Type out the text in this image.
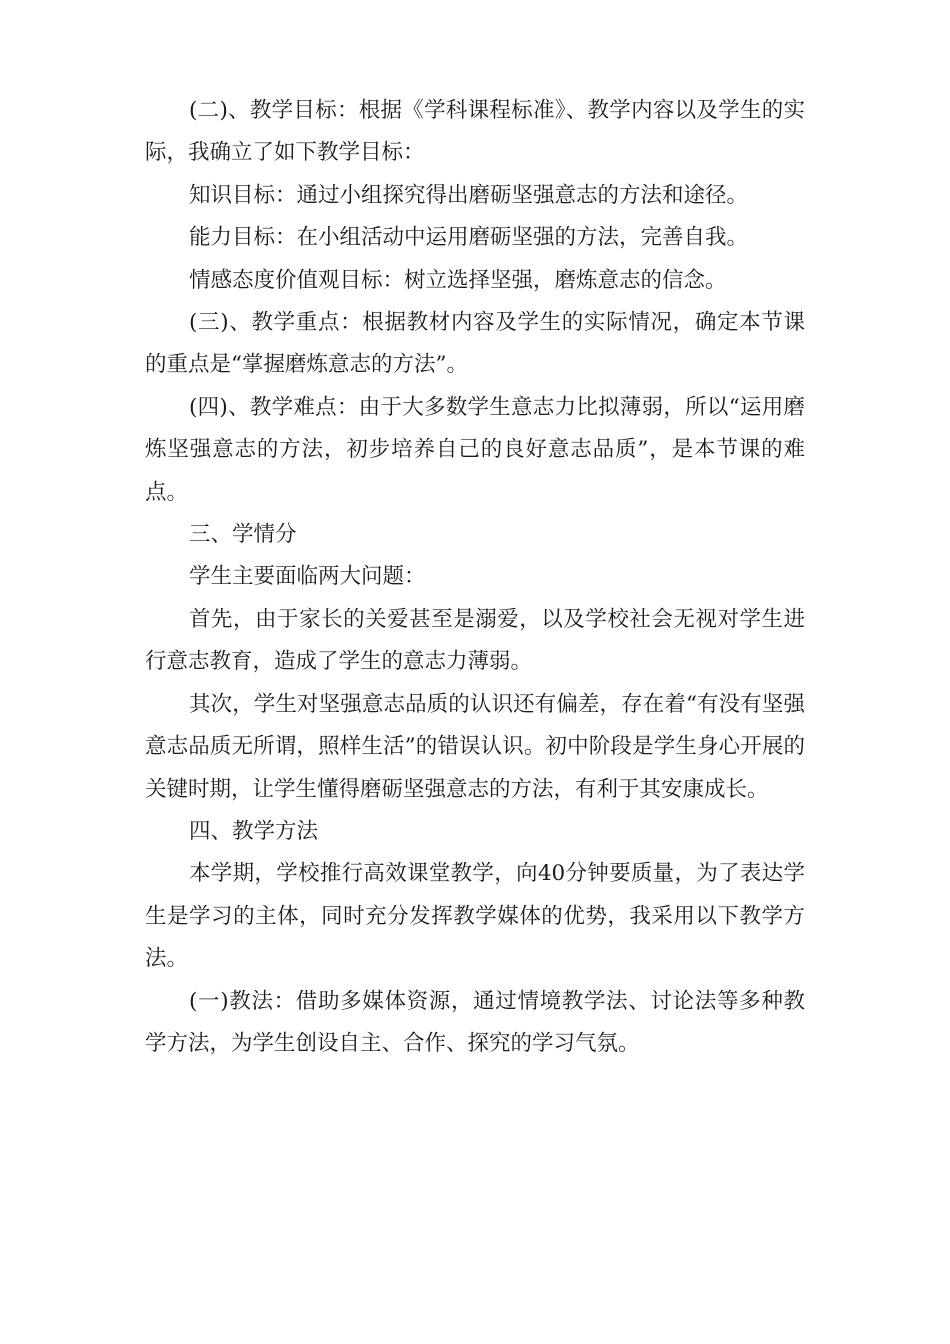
(二)、教学目标：根据《学科课程标准》、教学内容以及学生的实际，我确立了如下教学目标：

知识目标：通过小组探究得出磨砺坚强意志的方法和途径。

能力目标：在小组活动中运用磨砺坚强的方法，完善自我。

情感态度价值观目标：树立选择坚强，磨炼意志的信念。

(三)、教学重点：根据教材内容及学生的实际情况，确定本节课的重点是“掌握磨炼意志的方法”。

(四)、教学难点：由于大多数学生意志力比拟薄弱，所以“运用磨炼坚强意志的方法，初步培养自己的良好意志品质”，是本节课的难点。

三、学情分

学生主要面临两大问题：

首先，由于家长的关爱甚至是溺爱，以及学校社会无视对学生进行意志教育，造成了学生的意志力薄弱。

其次，学生对坚强意志品质的认识还有偏差，存在着“有没有坚强意志品质无所谓，照样生活”的错误认识。初中阶段是学生身心开展的关键时期，让学生懂得磨砺坚强意志的方法，有利于其安康成长。

四、教学方法

本学期，学校推行高效课堂教学，向40分钟要质量，为了表达学生是学习的主体，同时充分发挥教学媒体的优势，我采用以下教学方法。

(一)教法：借助多媒体资源，通过情境教学法、讨论法等多种教学方法，为学生创设自主、合作、探究的学习气氛。
